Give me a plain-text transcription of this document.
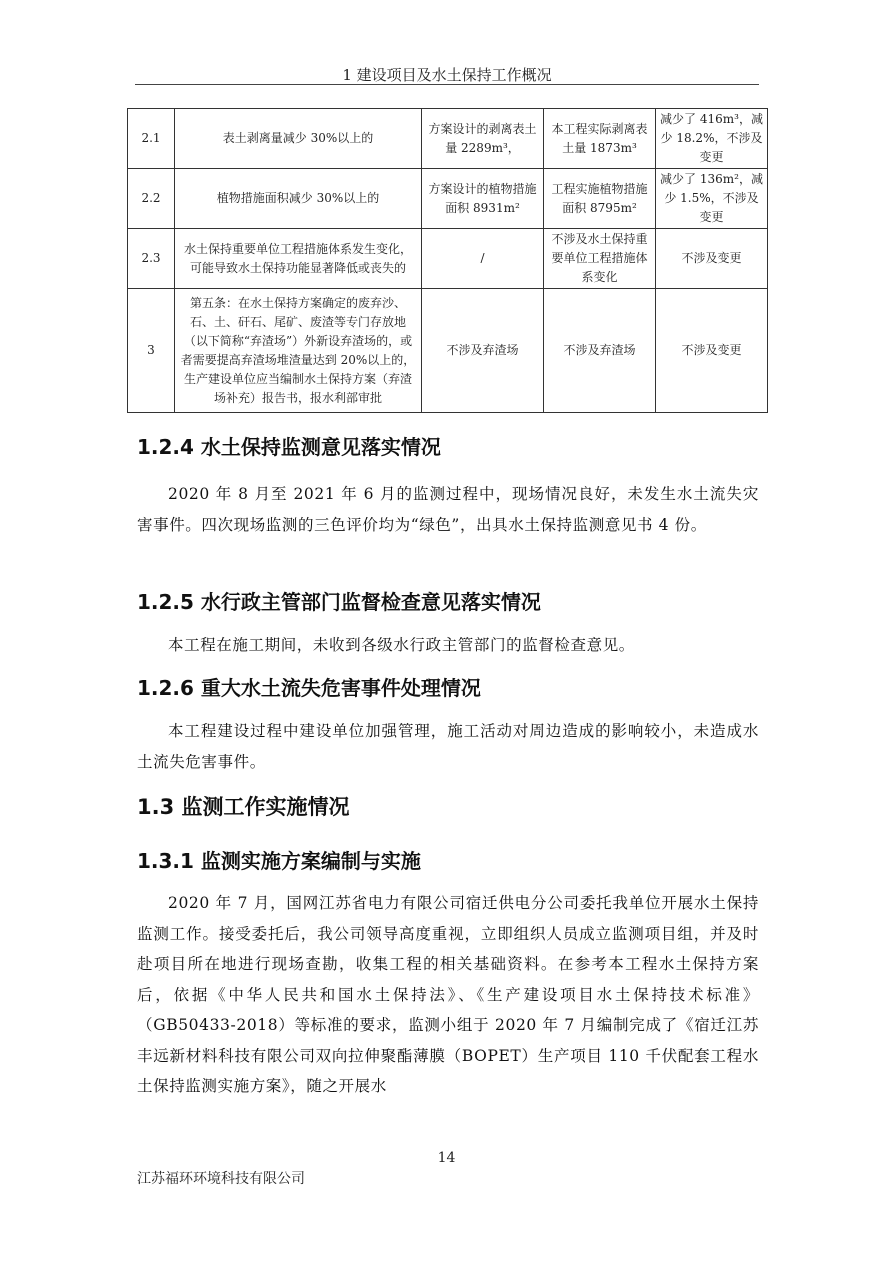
1 建设项目及水土保持工作概况
2.1	表土剥离量减少 30%以上的	方案设计的剥离表土量 2289m³，	本工程实际剥离表土量 1873m³	减少了 416m³，减少 18.2%，不涉及变更
2.2	植物措施面积减少 30%以上的	方案设计的植物措施面积 8931m²	工程实施植物措施面积 8795m²	减少了 136m²，减少 1.5%，不涉及变更
2.3	水土保持重要单位工程措施体系发生变化，可能导致水土保持功能显著降低或丧失的	/	不涉及水土保持重要单位工程措施体系变化	不涉及变更
3	第五条：在水土保持方案确定的废弃沙、石、土、矸石、尾矿、废渣等专门存放地（以下简称“弃渣场”）外新设弃渣场的，或者需要提高弃渣场堆渣量达到 20%以上的，生产建设单位应当编制水土保持方案（弃渣场补充）报告书，报水利部审批	不涉及弃渣场	不涉及弃渣场	不涉及变更
1.2.4 水土保持监测意见落实情况
2020 年 8 月至 2021 年 6 月的监测过程中，现场情况良好，未发生水土流失灾害事件。四次现场监测的三色评价均为“绿色”，出具水土保持监测意见书 4 份。
1.2.5 水行政主管部门监督检查意见落实情况
本工程在施工期间，未收到各级水行政主管部门的监督检查意见。
1.2.6 重大水土流失危害事件处理情况
本工程建设过程中建设单位加强管理，施工活动对周边造成的影响较小，未造成水土流失危害事件。
1.3 监测工作实施情况
1.3.1 监测实施方案编制与实施
2020 年 7 月，国网江苏省电力有限公司宿迁供电分公司委托我单位开展水土保持监测工作。接受委托后，我公司领导高度重视，立即组织人员成立监测项目组，并及时赴项目所在地进行现场查勘，收集工程的相关基础资料。在参考本工程水土保持方案后，依据《中华人民共和国水土保持法》、《生产建设项目水土保持技术标准》（GB50433-2018）等标准的要求，监测小组于 2020 年 7 月编制完成了《宿迁江苏丰远新材料科技有限公司双向拉伸聚酯薄膜（BOPET）生产项目 110 千伏配套工程水土保持监测实施方案》，随之开展水
14
江苏福环环境科技有限公司
